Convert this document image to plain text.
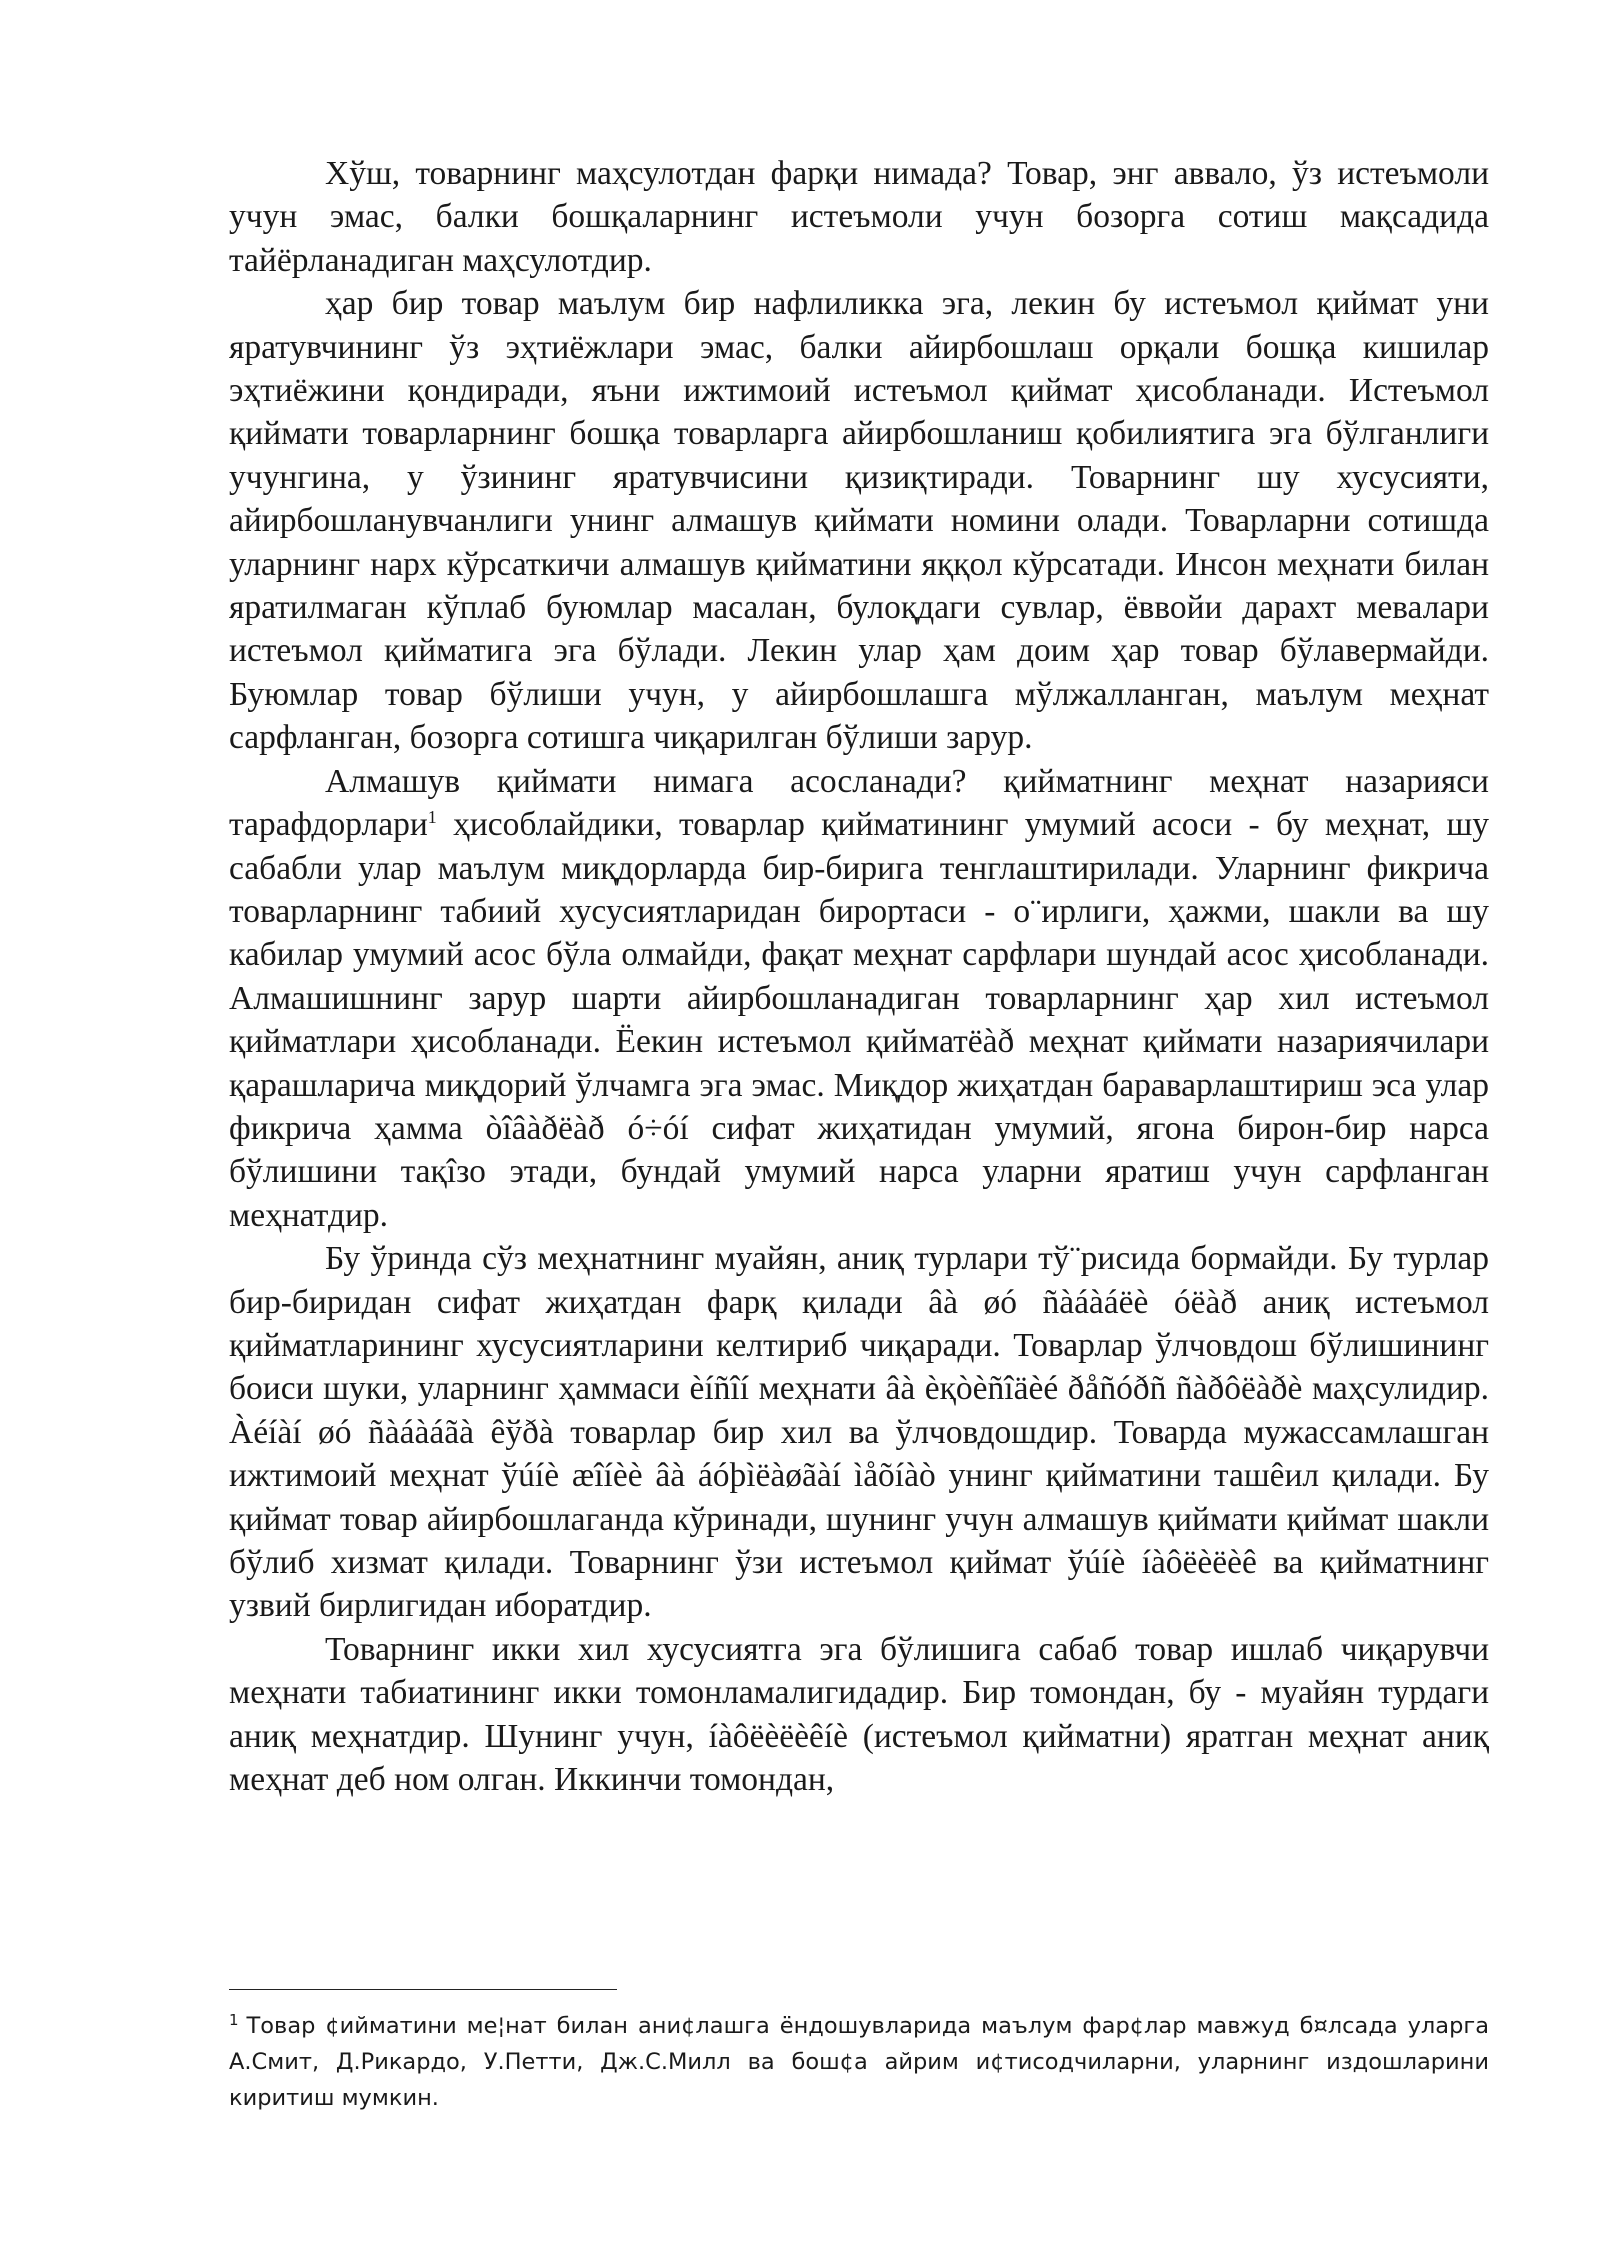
Хўш, товарнинг маҳсулотдан фарқи нимада? Товар, энг аввало, ўз истеъмоли учун эмас, балки бошқаларнинг истеъмоли учун бозорга сотиш мақсадида тайёрланадиган маҳсулотдир.

ҳар бир товар маълум бир нафлиликка эга, лекин бу истеъмол қиймат уни яратувчининг ўз эҳтиёжлари эмас, балки айирбошлаш орқали бошқа кишилар эҳтиёжини қондиради, яъни ижтимоий истеъмол қиймат ҳисобланади. Истеъмол қиймати товарларнинг бошқа товарларга айирбошланиш қобилиятига эга бўлганлиги учунгина, у ўзининг яратувчисини қизиқтиради. Товарнинг шу хусусияти, айирбошланувчанлиги унинг алмашув қиймати номини олади. Товарларни сотишда уларнинг нарх кўрсаткичи алмашув қийматини яққол кўрсатади. Инсон меҳнати билан яратилмаган кўплаб буюмлар масалан, булоқдаги сувлар, ёввойи дарахт мевалари истеъмол қийматига эга бўлади. Лекин улар ҳам доим ҳар товар бўлавермайди. Буюмлар товар бўлиши учун, у айирбошлашга мўлжалланган, маълум меҳнат сарфланган, бозорга сотишга чиқарилган бўлиши зарур.

Алмашув қиймати нимага асосланади? қийматнинг меҳнат назарияси тарафдорлари$^1$ ҳисоблайдики, товарлар қийматининг умумий асоси - бу меҳнат, шу сабабли улар маълум миқдорларда бир-бирига тенглаштирилади. Уларнинг фикрича товарларнинг табиий хусусиятларидан бирортаси - о¨ирлиги, ҳажми, шакли ва шу кабилар умумий асос бўла олмайди, фақат меҳнат сарфлари шундай асос ҳисобланади. Алмашишнинг зарур шарти айирбошланадиган товарларнинг ҳар хил истеъмол қийматлари ҳисобланади. Ёекин истеъмол қийматёàð меҳнат қиймати назариячилари қарашларича миқдорий ўлчамга эга эмас. Миқдор жиҳатдан бараварлаштириш эса улар фикрича ҳамма òîâàðëàð ó÷óí сифат жиҳатидан умумий, ягона бирон-бир нарса бўлишини тақîзо этади, бундай умумий нарса уларни яратиш учун сарфланган меҳнатдир.

Бу ўринда сўз меҳнатнинг муайян, аниқ турлари тў¨рисида бормайди. Бу турлар бир-биридан сифат жиҳатдан фарқ қилади âà øó ñàáàáëè óëàð аниқ истеъмол қийматларининг хусусиятларини келтириб чиқаради. Товарлар ўлчовдош бўлишининг боиси шуки, уларнинг ҳаммаси èíñîí меҳнати âà èқòèñîäèé ðåñóðñ ñàðôëàðè маҳсулидир. Àéíàí øó ñàáàáãà êўðà товарлар бир хил ва ўлчовдошдир. Товарда мужассамлашган ижтимоий меҳнат ўúíè æîíèè âà áóþìëàøãàí ìåõíàò унинг қийматини ташêил қилади. Бу қиймат товар айирбошлаганда кўринади, шунинг учун алмашув қиймати қиймат шакли бўлиб хизмат қилади. Товарнинг ўзи истеъмол қиймат ўúíè íàôëèëèê ва қийматнинг узвий бирлигидан иборатдир.

Товарнинг икки хил хусусиятга эга бўлишига сабаб товар ишлаб чиқарувчи меҳнати табиатининг икки томонламалигидадир. Бир томондан, бу - муайян турдаги аниқ меҳнатдир. Шунинг учун, íàôëèëèêíè (истеъмол қийматни) яратган меҳнат аниқ меҳнат деб ном олган. Иккинчи томондан,

$^1$ Товар ¢ийматини ме¦нат билан ани¢лашга ёндошувларида маълум фар¢лар мавжуд б¤лсада уларга А.Смит, Д.Рикардо, У.Петти, Дж.С.Милл ва бош¢а айрим и¢тисодчиларни, уларнинг издошларини киритиш мумкин.
